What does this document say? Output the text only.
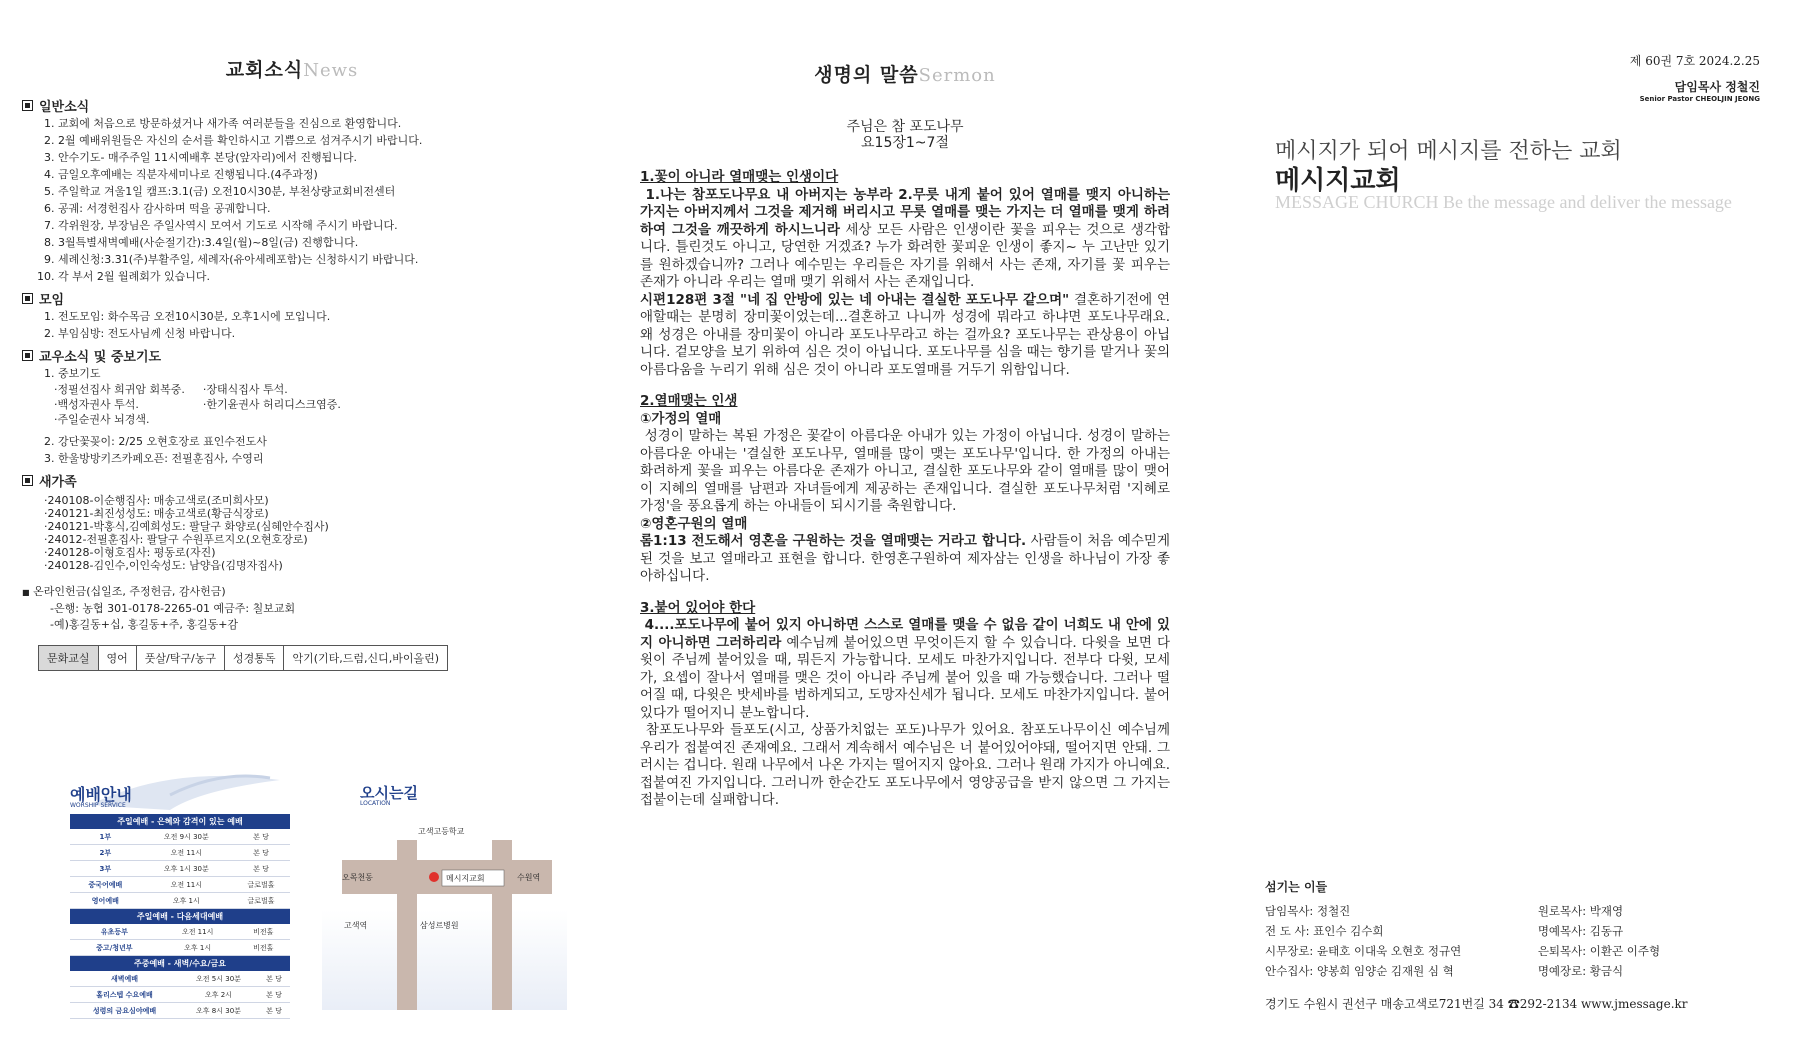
교회소식News
일반소식
1. 교회에 처음으로 방문하셨거나 새가족 여러분들을 진심으로 환영합니다.
2. 2월 예배위원들은 자신의 순서를 확인하시고 기쁨으로 섬겨주시기 바랍니다.
3. 안수기도- 매주주일 11시예배후 본당(앞자리)에서 진행됩니다.
4. 금일오후예배는 직분자세미나로 진행됩니다.(4주과정)
5. 주일학교 겨울1일 캠프:3.1(금) 오전10시30분, 부천상량교회비전센터
6. 공궤: 서경헌집사 감사하며 떡을 공궤합니다.
7. 각위원장, 부장님은 주일사역시 모여서 기도로 시작해 주시기 바랍니다.
8. 3월특별새벽예배(사순절기간):3.4일(월)~8일(금) 진행합니다.
9. 세례신청:3.31(주)부활주일, 세례자(유아세례포함)는 신청하시기 바랍니다.
10. 각 부서 2월 월례회가 있습니다.
모임
1. 전도모임: 화수목금 오전10시30분, 오후1시에 모입니다.
2. 부임심방: 전도사님께 신청 바랍니다.
교우소식 및 중보기도
1. 중보기도
·정필선집사 희귀암 회복중.	·장태식집사 투석.
·백성자권사 투석.	·한기윤권사 허리디스크염증.
·주일순권사 뇌경색.	
2. 강단꽃꽂이: 2/25 오현호장로 표인수전도사
3. 한울방방키즈카페오픈: 전필훈집사, 수영리
새가족
·240108-이순행집사: 매송고색로(조미희사모)
·240121-최진성성도: 매송고색로(황금식장로)
·240121-박홍식,김예희성도: 팔달구 화양로(심혜안수집사)
·24012-전필훈집사: 팔달구 수원푸르지오(오현호장로)
·240128-이형호집사: 평동로(자진)
·240128-김인수,이인숙성도: 남양읍(김명자집사)
■ 온라인헌금(십일조, 주정헌금, 감사헌금)
-은행: 농협 301-0178-2265-01 예금주: 칠보교회
-예)홍길동+십, 홍길동+주, 홍길동+감
문화교실	영어	풋살/탁구/농구	성경통독	악기(기타,드럼,신디,바이올린)
예배안내
WORSHIP SERVICE
주일예배 - 은혜와 감격이 있는 예배
1부	오전 9시 30분	본 당
2부	오전 11시	본 당
3부	오후 1시 30분	본 당
중국어예배	오전 11시	글로벌홀
영어예배	오후 1시	글로벌홀
주일예배 - 다음세대예배
유초등부	오전 11시	비전홀
중고/청년부	오후 1시	비전홀
주중예배 - 새벽/수요/금요
새벽예배	오전 5시 30분	본 당
홀리스텝 수요예배	오후 2시	본 당
성령의 금요심야예배	오후 8시 30분	본 당
오시는길
LOCATION
고색고등학교
오목천동	수원역
메시지교회
고색역	삼성르병원
생명의 말씀Sermon
주님은 참 포도나무
요15장1~7절

1.꽃이 아니라 열매맺는 인생이다

1.나는 참포도나무요 내 아버지는 농부라 2.무릇 내게 붙어 있어 열매를 맺지 아니하는 가지는 아버지께서 그것을 제거해 버리시고 무릇 열매를 맺는 가지는 더 열매를 맺게 하려 하여 그것을 깨끗하게 하시느니라 세상 모든 사람은 인생이란 꽃을 피우는 것으로 생각합니다. 틀린것도 아니고, 당연한 거겠죠? 누가 화려한 꽃피운 인생이 좋지~ 누 고난만 있기를 원하겠습니까? 그러나 예수믿는 우리들은 자기를 위해서 사는 존재, 자기를 꽃 피우는 존재가 아니라 우리는 열매 맺기 위해서 사는 존재입니다.

시편128편 3절 "네 집 안방에 있는 네 아내는 결실한 포도나무 같으며" 결혼하기전에 연애할때는 분명히 장미꽃이었는데...결혼하고 나니까 성경에 뭐라고 하냐면 포도나무래요. 왜 성경은 아내를 장미꽃이 아니라 포도나무라고 하는 걸까요? 포도나무는 관상용이 아닙니다. 겉모양을 보기 위하여 심은 것이 아닙니다. 포도나무를 심을 때는 향기를 맡거나 꽃의 아름다움을 누리기 위해 심은 것이 아니라 포도열매를 거두기 위함입니다.

2.열매맺는 인생

①가정의 열매

성경이 말하는 복된 가정은 꽃같이 아름다운 아내가 있는 가정이 아닙니다. 성경이 말하는 아름다운 아내는 '결실한 포도나무, 열매를 많이 맺는 포도나무'입니다. 한 가정의 아내는 화려하게 꽃을 피우는 아름다운 존재가 아니고, 결실한 포도나무와 같이 열매를 많이 맺어 이 지혜의 열매를 남편과 자녀들에게 제공하는 존재입니다. 결실한 포도나무처럼 '지혜로 가정'을 풍요롭게 하는 아내들이 되시기를 축원합니다.

②영혼구원의 열매

롬1:13 전도해서 영혼을 구원하는 것을 열매맺는 거라고 합니다. 사람들이 처음 예수믿게 된 것을 보고 열매라고 표현을 합니다. 한영혼구원하여 제자삼는 인생을 하나님이 가장 좋아하십니다.

3.붙어 있어야 한다

4....포도나무에 붙어 있지 아니하면 스스로 열매를 맺을 수 없음 같이 너희도 내 안에 있지 아니하면 그러하리라 예수님께 붙어있으면 무엇이든지 할 수 있습니다. 다윗을 보면 다윗이 주님께 붙어있을 때, 뭐든지 가능합니다. 모세도 마찬가지입니다. 전부다 다윗, 모세가, 요셉이 잘나서 열매를 맺은 것이 아니라 주님께 붙어 있을 때 가능했습니다. 그러나 떨어질 때, 다윗은 밧세바를 범하게되고, 도망자신세가 됩니다. 모세도 마찬가지입니다. 붙어있다가 떨어지니 분노합니다.

참포도나무와 들포도(시고, 상품가치없는 포도)나무가 있어요. 참포도나무이신 예수님께 우리가 접붙여진 존재예요. 그래서 계속해서 예수님은 너 붙어있어야돼, 떨어지면 안돼. 그러시는 겁니다. 원래 나무에서 나온 가지는 떨어지지 않아요. 그러나 원래 가지가 아니예요. 접붙여진 가지입니다. 그러니까 한순간도 포도나무에서 영양공급을 받지 않으면 그 가지는 접붙이는데 실패합니다.

제 60권 7호 2024.2.25
담임목사 정철진
Senior Pastor CHEOLJIN JEONG
메시지가 되어 메시지를 전하는 교회
메시지교회
MESSAGE CHURCH Be the message and deliver the message
섬기는 이들
담임목사: 정철진	원로목사: 박재영
전 도 사: 표인수 김수희	명예목사: 김동규
시무장로: 윤태호 이대욱 오현호 정규연	은퇴목사: 이환곤 이주형
안수집사: 양봉희 임양순 김재원 심 혁	명예장로: 황금식
경기도 수원시 권선구 매송고색로721번길 34 ☎292-2134 www.jmessage.kr
